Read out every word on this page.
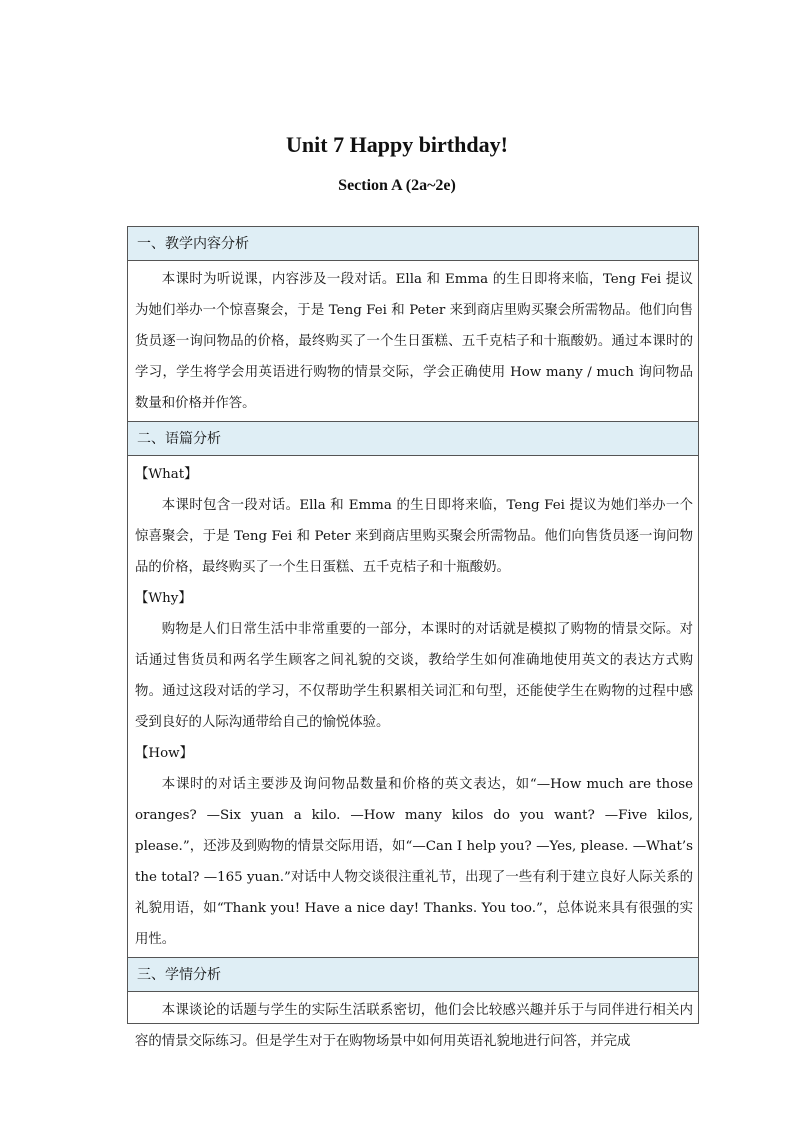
Unit 7 Happy birthday!
Section A (2a~2e)
一、教学内容分析

本课时为听说课，内容涉及一段对话。Ella 和 Emma 的生日即将来临，Teng Fei 提议为她们举办一个惊喜聚会，于是 Teng Fei 和 Peter 来到商店里购买聚会所需物品。他们向售货员逐一询问物品的价格，最终购买了一个生日蛋糕、五千克桔子和十瓶酸奶。通过本课时的学习，学生将学会用英语进行购物的情景交际，学会正确使用 How many / much 询问物品数量和价格并作答。

二、语篇分析

【What】

本课时包含一段对话。Ella 和 Emma 的生日即将来临，Teng Fei 提议为她们举办一个惊喜聚会，于是 Teng Fei 和 Peter 来到商店里购买聚会所需物品。他们向售货员逐一询问物品的价格，最终购买了一个生日蛋糕、五千克桔子和十瓶酸奶。

【Why】

购物是人们日常生活中非常重要的一部分，本课时的对话就是模拟了购物的情景交际。对话通过售货员和两名学生顾客之间礼貌的交谈，教给学生如何准确地使用英文的表达方式购物。通过这段对话的学习，不仅帮助学生积累相关词汇和句型，还能使学生在购物的过程中感受到良好的人际沟通带给自己的愉悦体验。

【How】

本课时的对话主要涉及询问物品数量和价格的英文表达，如“—How much are those oranges? —Six yuan a kilo. —How many kilos do you want? —Five kilos, please.”，还涉及到购物的情景交际用语，如“—Can I help you? —Yes, please. —What’s the total? —165 yuan.”对话中人物交谈很注重礼节，出现了一些有利于建立良好人际关系的礼貌用语，如“Thank you! Have a nice day! Thanks. You too.”，总体说来具有很强的实用性。

三、学情分析

本课谈论的话题与学生的实际生活联系密切，他们会比较感兴趣并乐于与同伴进行相关内容的情景交际练习。但是学生对于在购物场景中如何用英语礼貌地进行问答，并完成
